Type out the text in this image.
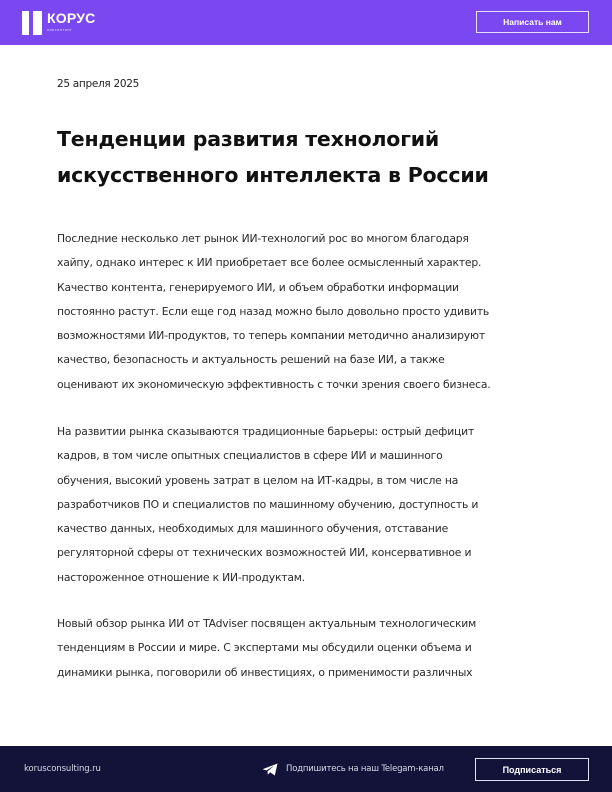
КОРУС
консалтинг
Написать нам
25 апреля 2025
Тенденции развития технологий
искусственного интеллекта в России

Последние несколько лет рынок ИИ-технологий рос во многом благодаря
хайпу, однако интерес к ИИ приобретает все более осмысленный характер.
Качество контента, генерируемого ИИ, и объем обработки информации
постоянно растут. Если еще год назад можно было довольно просто удивить
возможностями ИИ-продуктов, то теперь компании методично анализируют
качество, безопасность и актуальность решений на базе ИИ, а также
оценивают их экономическую эффективность с точки зрения своего бизнеса.

На развитии рынка сказываются традиционные барьеры: острый дефицит
кадров, в том числе опытных специалистов в сфере ИИ и машинного
обучения, высокий уровень затрат в целом на ИТ-кадры, в том числе на
разработчиков ПО и специалистов по машинному обучению, доступность и
качество данных, необходимых для машинного обучения, отставание
регуляторной сферы от технических возможностей ИИ, консервативное и
настороженное отношение к ИИ-продуктам.

Новый обзор рынка ИИ от TAdviser посвящен актуальным технологическим
тенденциям в России и мире. С экспертами мы обсудили оценки объема и
динамики рынка, поговорили об инвестициях, о применимости различных

korusconsulting.ru	Подпишитесь на наш Telegam-канал	Подписаться
